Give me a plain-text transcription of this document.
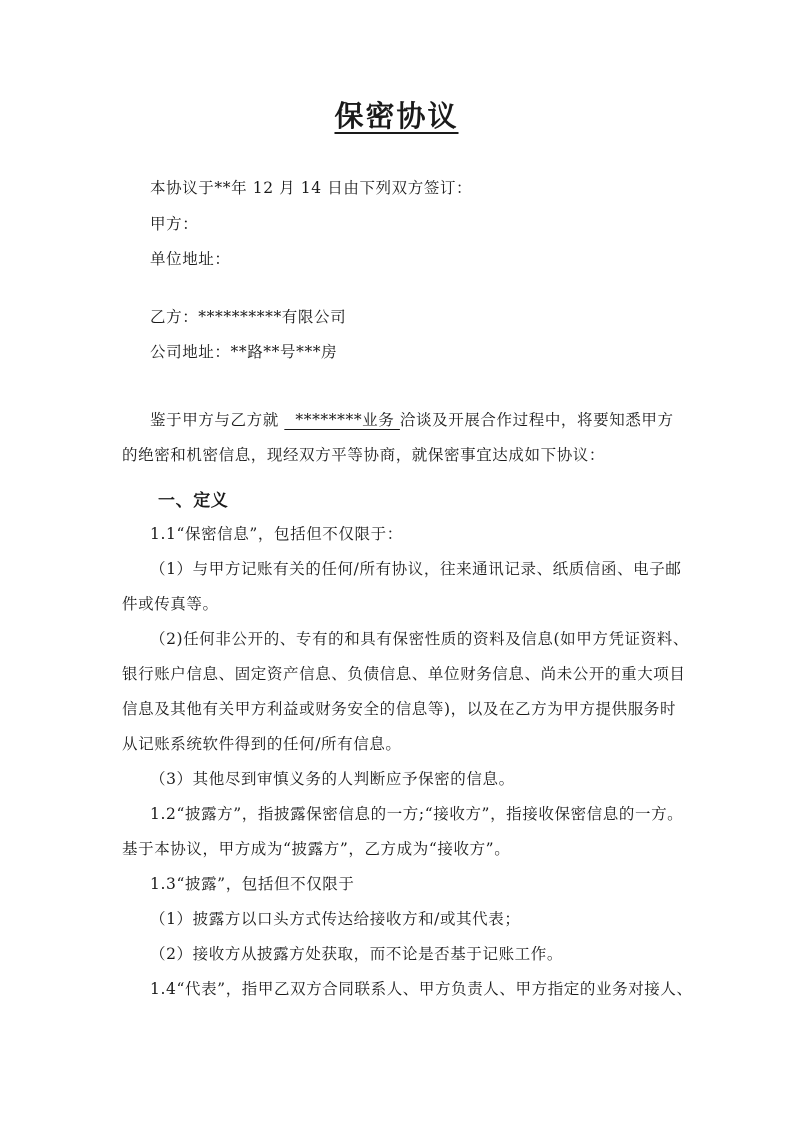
保密协议
本协议于**年 12 月 14 日由下列双方签订：
甲方：
单位地址：
乙方：**********有限公司
公司地址：**路**号***房
鉴于甲方与乙方就   ********业务 洽谈及开展合作过程中，将要知悉甲方
的绝密和机密信息，现经双方平等协商，就保密事宜达成如下协议：
一、定义
1.1“保密信息”，包括但不仅限于：
（1）与甲方记账有关的任何/所有协议，往来通讯记录、纸质信函、电子邮
件或传真等。
（2)任何非公开的、专有的和具有保密性质的资料及信息(如甲方凭证资料、
银行账户信息、固定资产信息、负债信息、单位财务信息、尚未公开的重大项目
信息及其他有关甲方利益或财务安全的信息等)，以及在乙方为甲方提供服务时
从记账系统软件得到的任何/所有信息。
（3）其他尽到审慎义务的人判断应予保密的信息。
1.2“披露方”，指披露保密信息的一方;“接收方”，指接收保密信息的一方。
基于本协议，甲方成为“披露方”，乙方成为“接收方”。
1.3“披露”，包括但不仅限于
（1）披露方以口头方式传达给接收方和/或其代表；
（2）接收方从披露方处获取，而不论是否基于记账工作。
1.4“代表”，指甲乙双方合同联系人、甲方负责人、甲方指定的业务对接人、
